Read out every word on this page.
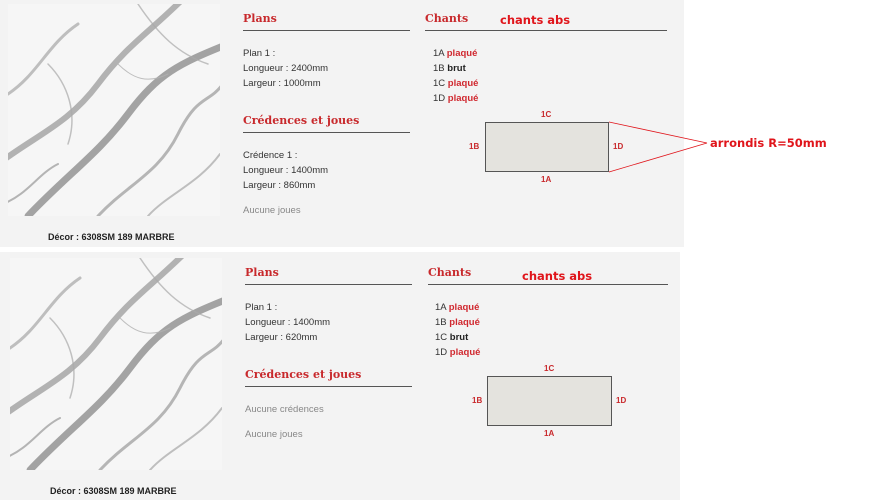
Décor : 6308SM 189 MARBRE
Plans
Plan 1 :
Longueur : 2400mm
Largeur : 1000mm
Crédences et joues
Crédence 1 :
Longueur : 1400mm
Largeur : 860mm
Aucune joues
Chants
1A plaqué
1B brut
1C plaqué
1D plaqué
1C
1B	1D
1A
chants abs
arrondis R=50mm
Décor : 6308SM 189 MARBRE
Plans
Plan 1 :
Longueur : 1400mm
Largeur : 620mm
Crédences et joues
Aucune crédences
Aucune joues
Chants
1A plaqué
1B plaqué
1C brut
1D plaqué
1C
1B	1D
1A
chants abs
